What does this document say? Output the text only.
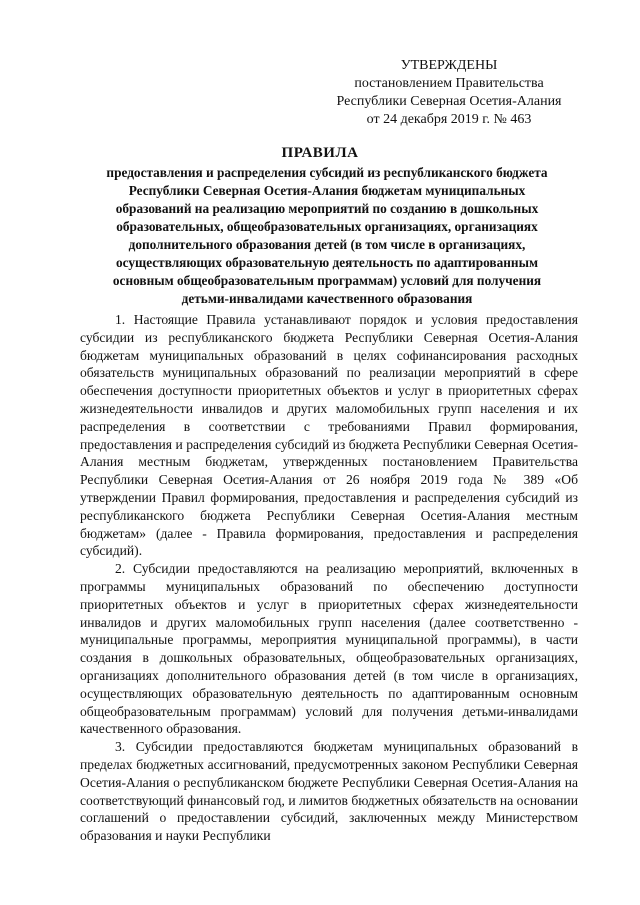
УТВЕРЖДЕНЫ
постановлением Правительства
Республики Северная Осетия-Алания
от 24 декабря 2019 г. № 463
ПРАВИЛА
предоставления и распределения субсидий из республиканского бюджета
Республики Северная Осетия-Алания бюджетам муниципальных
образований на реализацию мероприятий по созданию в дошкольных
образовательных, общеобразовательных организациях, организациях
дополнительного образования детей (в том числе в организациях,
осуществляющих образовательную деятельность по адаптированным
основным общеобразовательным программам) условий для получения
детьми-инвалидами качественного образования

1. Настоящие Правила устанавливают порядок и условия предоставления субсидии из республиканского бюджета Республики Северная Осетия-Алания бюджетам муниципальных образований в целях софинансирования расходных обязательств муниципальных образований по реализации мероприятий в сфере обеспечения доступности приоритетных объектов и услуг в приоритетных сферах жизнедеятельности инвалидов и других маломобильных групп населения и их распределения в соответствии с требованиями Правил формирования, предоставления и распределения субсидий из бюджета Республики Северная Осетия-Алания местным бюджетам, утвержденных постановлением Правительства Республики Северная Осетия-Алания от 26 ноября 2019 года № 389 «Об утверждении Правил формирования, предоставления и распределения субсидий из республиканского бюджета Республики Северная Осетия-Алания местным бюджетам» (далее - Правила формирования, предоставления и распределения субсидий).

2. Субсидии предоставляются на реализацию мероприятий, включенных в программы муниципальных образований по обеспечению доступности приоритетных объектов и услуг в приоритетных сферах жизнедеятельности инвалидов и других маломобильных групп населения (далее соответственно - муниципальные программы, мероприятия муниципальной программы), в части создания в дошкольных образовательных, общеобразовательных организациях, организациях дополнительного образования детей (в том числе в организациях, осуществляющих образовательную деятельность по адаптированным основным общеобразовательным программам) условий для получения детьми-инвалидами качественного образования.

3. Субсидии предоставляются бюджетам муниципальных образований в пределах бюджетных ассигнований, предусмотренных законом Республики Северная Осетия-Алания о республиканском бюджете Республики Северная Осетия-Алания на соответствующий финансовый год, и лимитов бюджетных обязательств на основании соглашений о предоставлении субсидий, заключенных между Министерством образования и науки Республики
